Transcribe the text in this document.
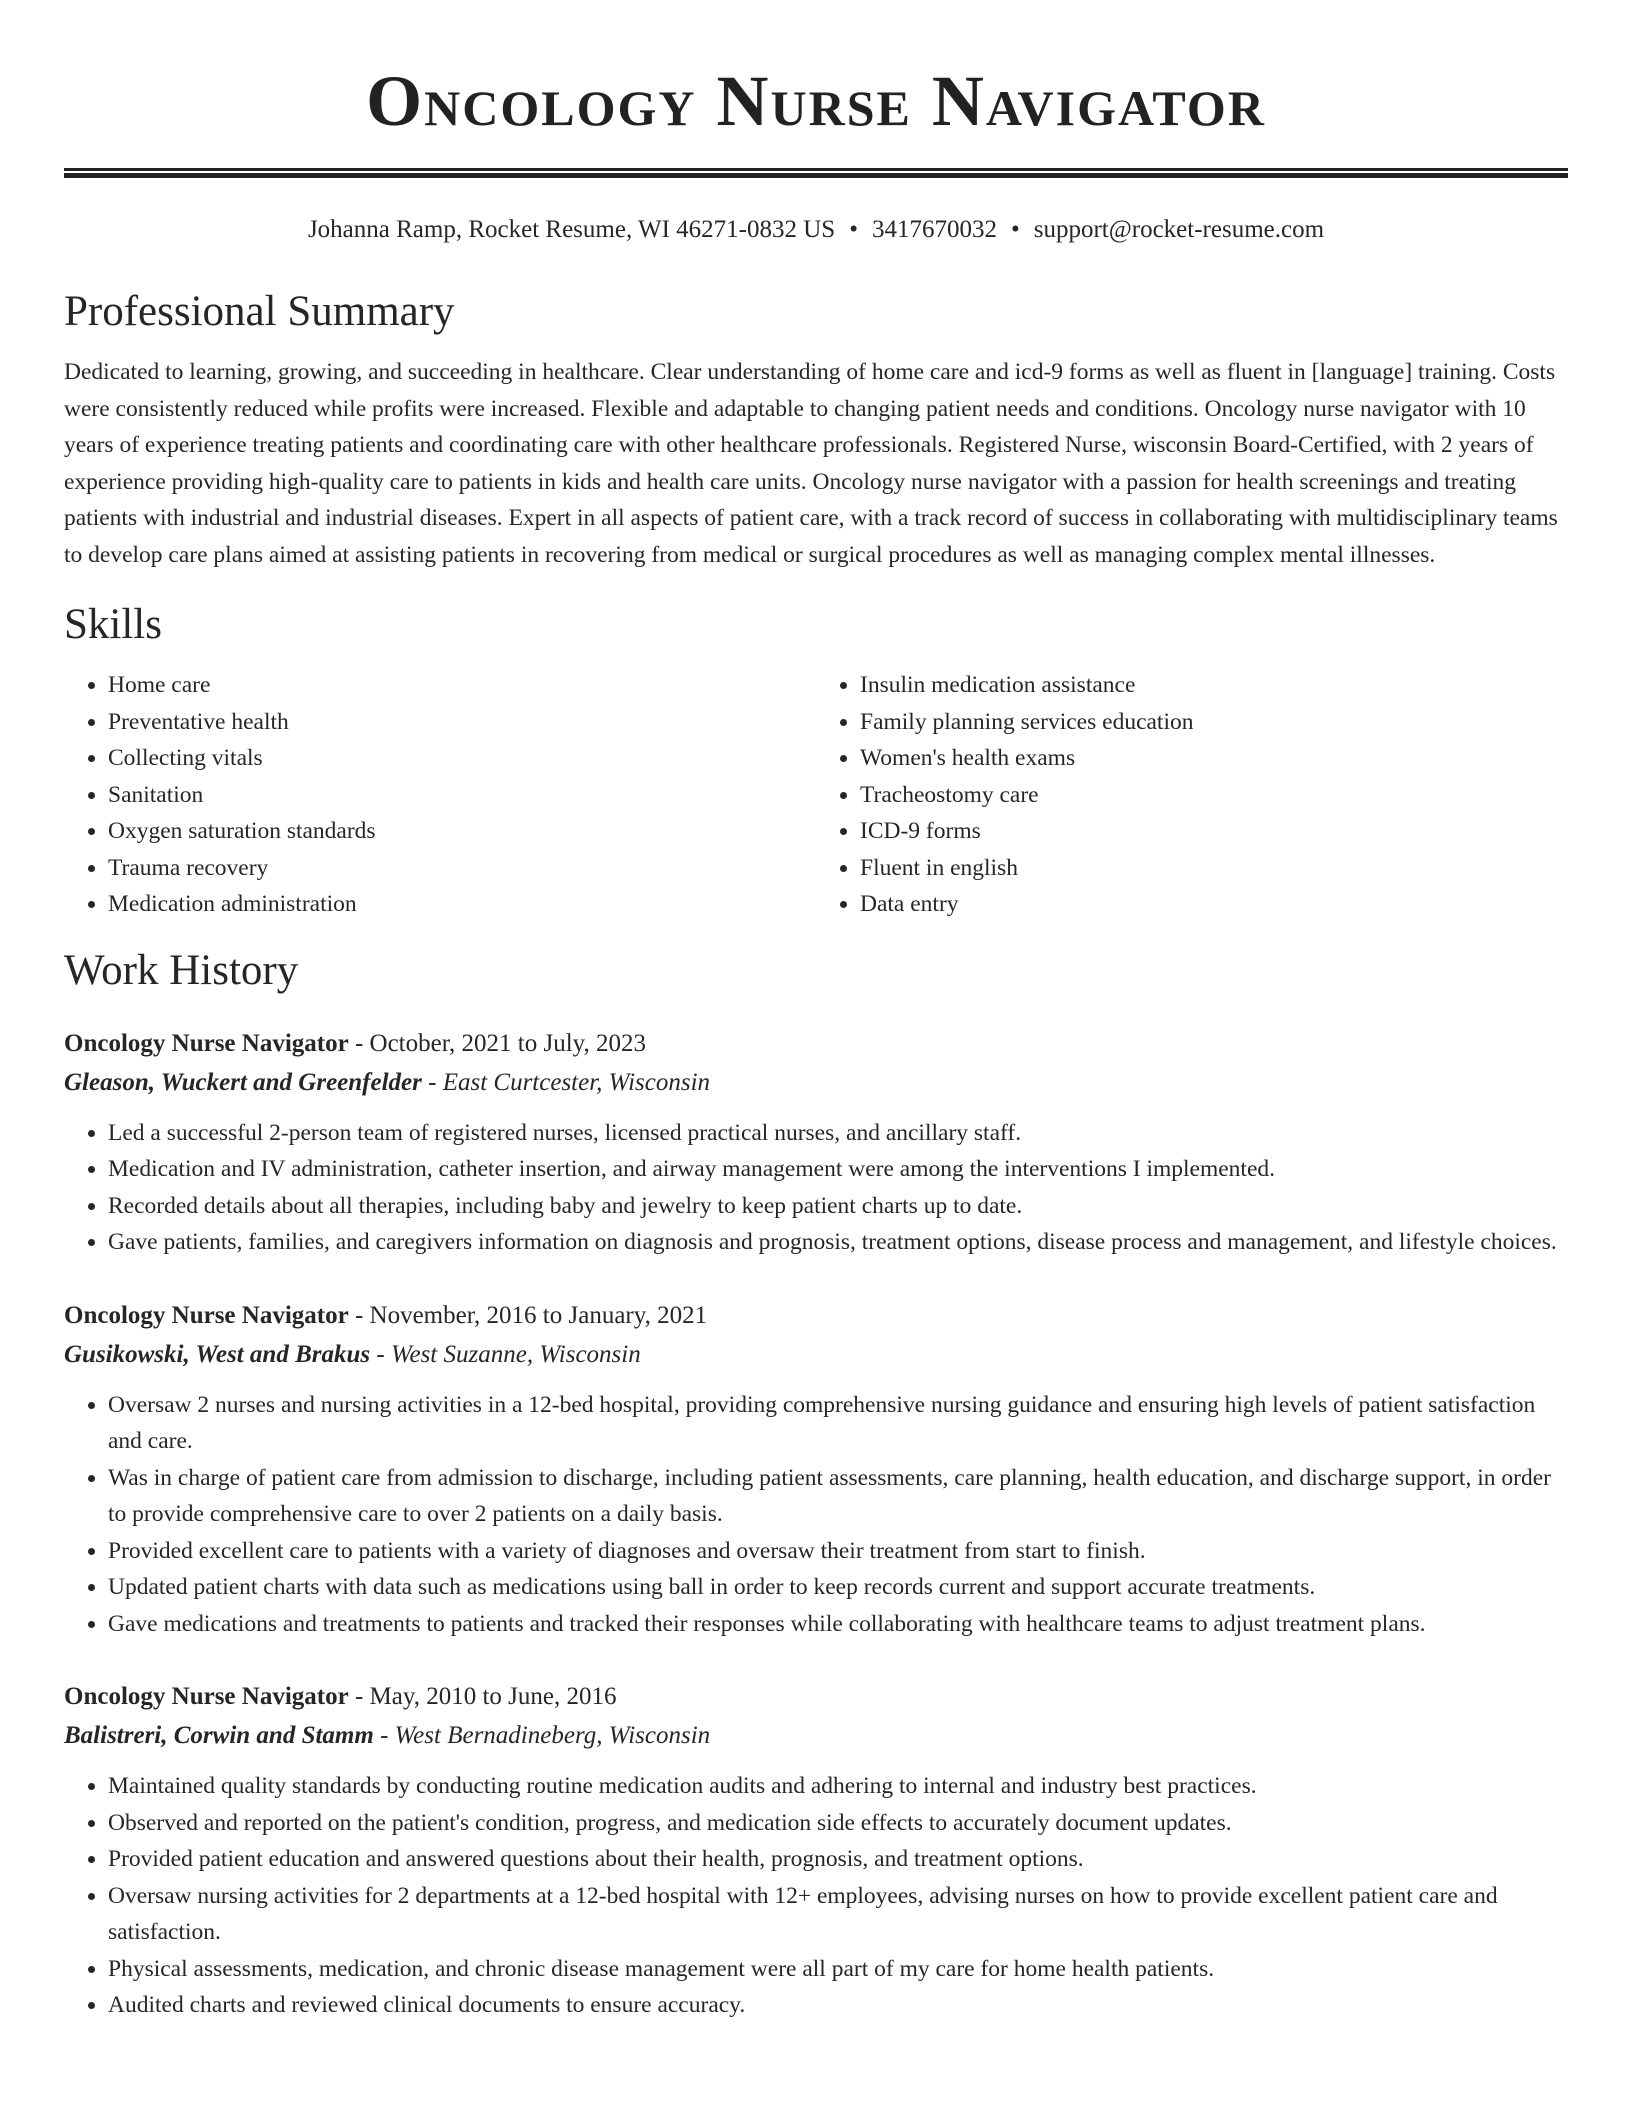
Oncology Nurse Navigator
Johanna Ramp, Rocket Resume, WI 46271-0832 US • 3417670032 • support@rocket-resume.com
Professional Summary

Dedicated to learning, growing, and succeeding in healthcare. Clear understanding of home care and icd-9 forms as well as fluent in [language] training. Costs were consistently reduced while profits were increased. Flexible and adaptable to changing patient needs and conditions. Oncology nurse navigator with 10 years of experience treating patients and coordinating care with other healthcare professionals. Registered Nurse, wisconsin Board-Certified, with 2 years of experience providing high-quality care to patients in kids and health care units. Oncology nurse navigator with a passion for health screenings and treating patients with industrial and industrial diseases. Expert in all aspects of patient care, with a track record of success in collaborating with multidisciplinary teams to develop care plans aimed at assisting patients in recovering from medical or surgical procedures as well as managing complex mental illnesses.

Skills
• Home care
• Preventative health
• Collecting vitals
• Sanitation
• Oxygen saturation standards
• Trauma recovery
• Medication administration
• Insulin medication assistance
• Family planning services education
• Women's health exams
• Tracheostomy care
• ICD-9 forms
• Fluent in english
• Data entry
Work History
Oncology Nurse Navigator - October, 2021 to July, 2023
Gleason, Wuckert and Greenfelder - East Curtcester, Wisconsin
• Led a successful 2-person team of registered nurses, licensed practical nurses, and ancillary staff.
• Medication and IV administration, catheter insertion, and airway management were among the interventions I implemented.
• Recorded details about all therapies, including baby and jewelry to keep patient charts up to date.
• Gave patients, families, and caregivers information on diagnosis and prognosis, treatment options, disease process and management, and lifestyle choices.
Oncology Nurse Navigator - November, 2016 to January, 2021
Gusikowski, West and Brakus - West Suzanne, Wisconsin
• Oversaw 2 nurses and nursing activities in a 12-bed hospital, providing comprehensive nursing guidance and ensuring high levels of patient satisfaction and care.
• Was in charge of patient care from admission to discharge, including patient assessments, care planning, health education, and discharge support, in order to provide comprehensive care to over 2 patients on a daily basis.
• Provided excellent care to patients with a variety of diagnoses and oversaw their treatment from start to finish.
• Updated patient charts with data such as medications using ball in order to keep records current and support accurate treatments.
• Gave medications and treatments to patients and tracked their responses while collaborating with healthcare teams to adjust treatment plans.
Oncology Nurse Navigator - May, 2010 to June, 2016
Balistreri, Corwin and Stamm - West Bernadineberg, Wisconsin
• Maintained quality standards by conducting routine medication audits and adhering to internal and industry best practices.
• Observed and reported on the patient's condition, progress, and medication side effects to accurately document updates.
• Provided patient education and answered questions about their health, prognosis, and treatment options.
• Oversaw nursing activities for 2 departments at a 12-bed hospital with 12+ employees, advising nurses on how to provide excellent patient care and satisfaction.
• Physical assessments, medication, and chronic disease management were all part of my care for home health patients.
• Audited charts and reviewed clinical documents to ensure accuracy.
